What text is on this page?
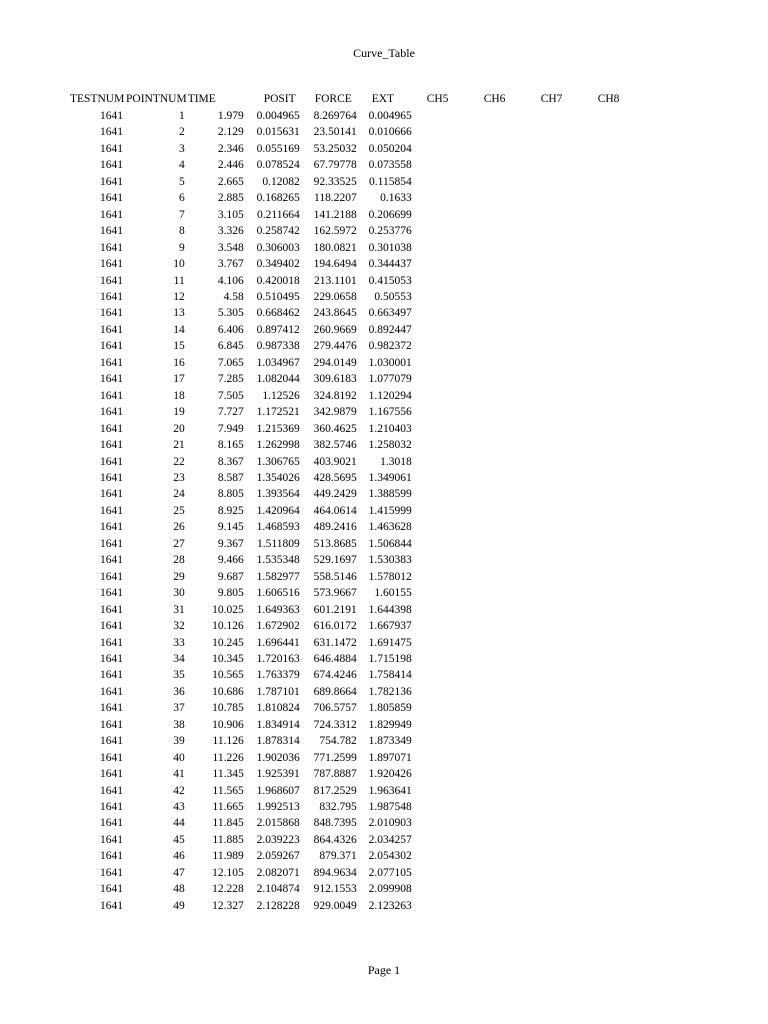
Curve_Table
TESTNUM	POINTNUM	TIME	POSIT	FORCE	EXT	CH5	CH6	CH7	CH8
1641	1	1.979	0.004965	8.269764	0.004965				
1641	2	2.129	0.015631	23.50141	0.010666				
1641	3	2.346	0.055169	53.25032	0.050204				
1641	4	2.446	0.078524	67.79778	0.073558				
1641	5	2.665	0.12082	92.33525	0.115854				
1641	6	2.885	0.168265	118.2207	0.1633				
1641	7	3.105	0.211664	141.2188	0.206699				
1641	8	3.326	0.258742	162.5972	0.253776				
1641	9	3.548	0.306003	180.0821	0.301038				
1641	10	3.767	0.349402	194.6494	0.344437				
1641	11	4.106	0.420018	213.1101	0.415053				
1641	12	4.58	0.510495	229.0658	0.50553				
1641	13	5.305	0.668462	243.8645	0.663497				
1641	14	6.406	0.897412	260.9669	0.892447				
1641	15	6.845	0.987338	279.4476	0.982372				
1641	16	7.065	1.034967	294.0149	1.030001				
1641	17	7.285	1.082044	309.6183	1.077079				
1641	18	7.505	1.12526	324.8192	1.120294				
1641	19	7.727	1.172521	342.9879	1.167556				
1641	20	7.949	1.215369	360.4625	1.210403				
1641	21	8.165	1.262998	382.5746	1.258032				
1641	22	8.367	1.306765	403.9021	1.3018				
1641	23	8.587	1.354026	428.5695	1.349061				
1641	24	8.805	1.393564	449.2429	1.388599				
1641	25	8.925	1.420964	464.0614	1.415999				
1641	26	9.145	1.468593	489.2416	1.463628				
1641	27	9.367	1.511809	513.8685	1.506844				
1641	28	9.466	1.535348	529.1697	1.530383				
1641	29	9.687	1.582977	558.5146	1.578012				
1641	30	9.805	1.606516	573.9667	1.60155				
1641	31	10.025	1.649363	601.2191	1.644398				
1641	32	10.126	1.672902	616.0172	1.667937				
1641	33	10.245	1.696441	631.1472	1.691475				
1641	34	10.345	1.720163	646.4884	1.715198				
1641	35	10.565	1.763379	674.4246	1.758414				
1641	36	10.686	1.787101	689.8664	1.782136				
1641	37	10.785	1.810824	706.5757	1.805859				
1641	38	10.906	1.834914	724.3312	1.829949				
1641	39	11.126	1.878314	754.782	1.873349				
1641	40	11.226	1.902036	771.2599	1.897071				
1641	41	11.345	1.925391	787.8887	1.920426				
1641	42	11.565	1.968607	817.2529	1.963641				
1641	43	11.665	1.992513	832.795	1.987548				
1641	44	11.845	2.015868	848.7395	2.010903				
1641	45	11.885	2.039223	864.4326	2.034257				
1641	46	11.989	2.059267	879.371	2.054302				
1641	47	12.105	2.082071	894.9634	2.077105				
1641	48	12.228	2.104874	912.1553	2.099908				
1641	49	12.327	2.128228	929.0049	2.123263				
Page 1
